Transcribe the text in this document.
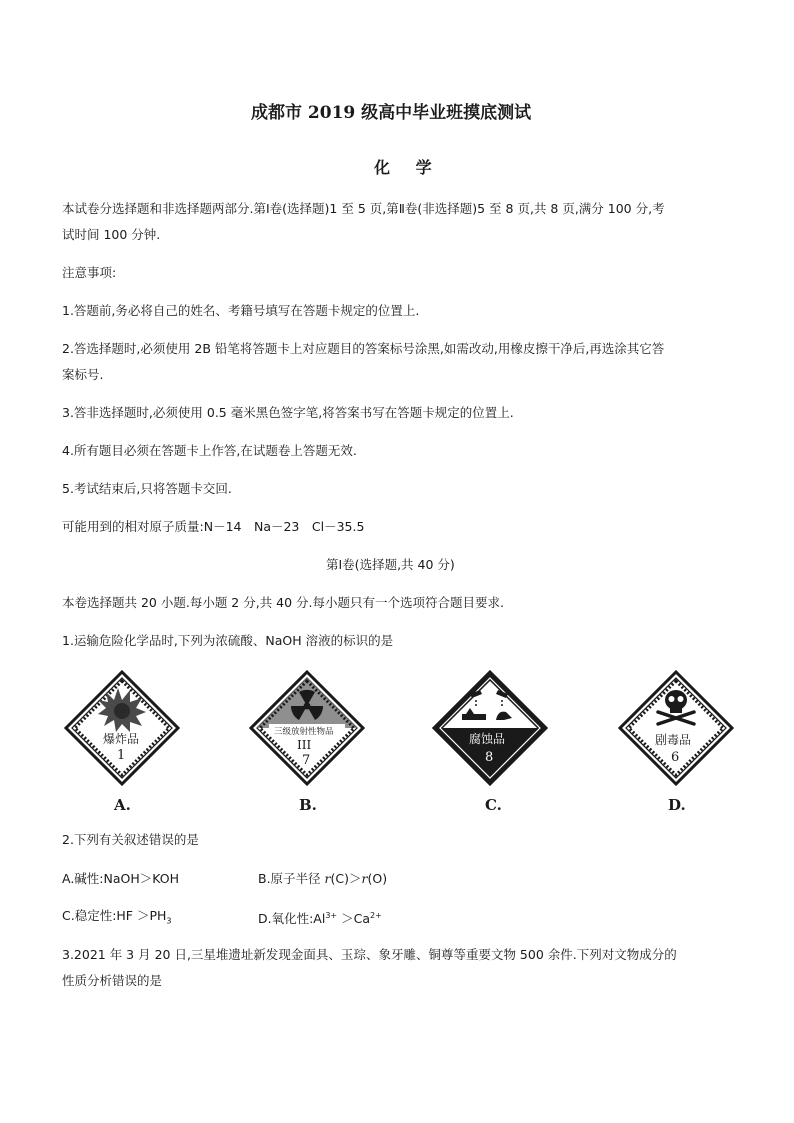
成都市 2019 级高中毕业班摸底测试
化 学
本试卷分选择题和非选择题两部分.第Ⅰ卷(选择题)1 至 5 页,第Ⅱ卷(非选择题)5 至 8 页,共 8 页,满分 100 分,考
试时间 100 分钟.
注意事项:
1.答题前,务必将自己的姓名、考籍号填写在答题卡规定的位置上.
2.答选择题时,必须使用 2B 铅笔将答题卡上对应题目的答案标号涂黑,如需改动,用橡皮擦干净后,再选涂其它答
案标号.
3.答非选择题时,必须使用 0.5 毫米黑色签字笔,将答案书写在答题卡规定的位置上.
4.所有题目必须在答题卡上作答,在试题卷上答题无效.
5.考试结束后,只将答题卡交回.
可能用到的相对原子质量:N－14　Na－23　Cl－35.5
第Ⅰ卷(选择题,共 40 分)
本卷选择题共 20 小题.每小题 2 分,共 40 分.每小题只有一个选项符合题目要求.
1.运输危险化学品时,下列为浓硫酸、NaOH 溶液的标识的是
爆炸品
1
A.
三级放射性物品
III
7
B.
腐蚀品
8
C.
剧毒品
6
D.
2.下列有关叙述错误的是
A.碱性:NaOH＞KOH	B.原子半径 r(C)＞r(O)
C.稳定性:HF $>PH_3$	D.氧化性$:Al^{3+} >Ca^{2+}$
3.2021 年 3 月 20 日,三星堆遗址新发现金面具、玉琮、象牙雕、铜尊等重要文物 500 余件.下列对文物成分的
性质分析错误的是
